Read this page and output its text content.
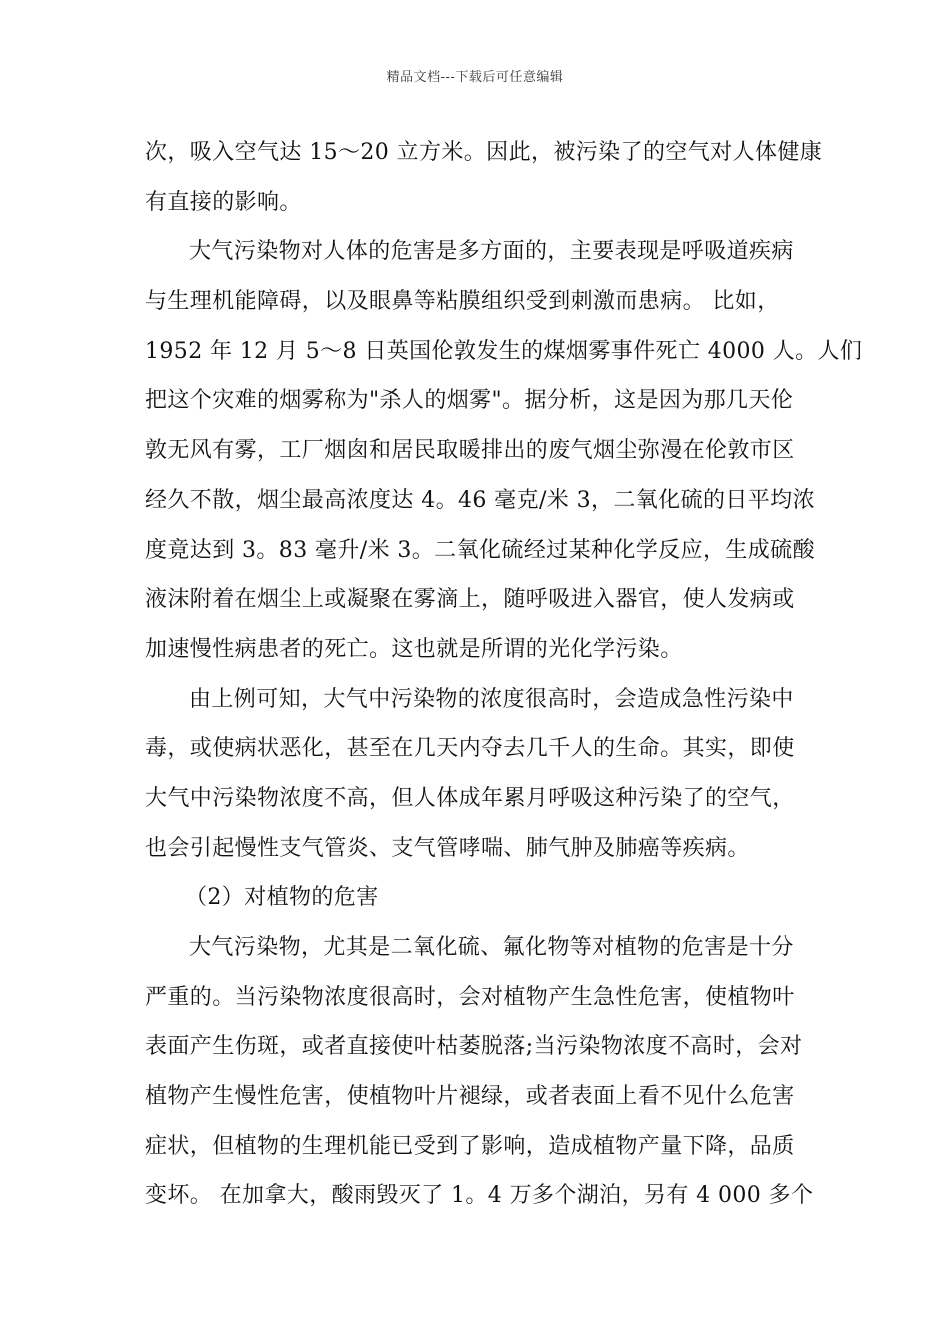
精品文档---下载后可任意编辑
次，吸入空气达 15～20 立方米。因此，被污染了的空气对人体健康
有直接的影响。
大气污染物对人体的危害是多方面的，主要表现是呼吸道疾病
与生理机能障碍，以及眼鼻等粘膜组织受到刺激而患病。 比如，
1952 年 12 月 5～8 日英国伦敦发生的煤烟雾事件死亡 4000 人。人们
把这个灾难的烟雾称为"杀人的烟雾"。据分析，这是因为那几天伦
敦无风有雾，工厂烟囱和居民取暖排出的废气烟尘弥漫在伦敦市区
经久不散，烟尘最高浓度达 4。46 毫克/米 3，二氧化硫的日平均浓
度竟达到 3。83 毫升/米 3。二氧化硫经过某种化学反应，生成硫酸
液沫附着在烟尘上或凝聚在雾滴上，随呼吸进入器官，使人发病或
加速慢性病患者的死亡。这也就是所谓的光化学污染。
由上例可知，大气中污染物的浓度很高时，会造成急性污染中
毒，或使病状恶化，甚至在几天内夺去几千人的生命。其实，即使
大气中污染物浓度不高，但人体成年累月呼吸这种污染了的空气，
也会引起慢性支气管炎、支气管哮喘、肺气肿及肺癌等疾病。
（2）对植物的危害
大气污染物，尤其是二氧化硫、氟化物等对植物的危害是十分
严重的。当污染物浓度很高时，会对植物产生急性危害，使植物叶
表面产生伤斑，或者直接使叶枯萎脱落;当污染物浓度不高时，会对
植物产生慢性危害，使植物叶片褪绿，或者表面上看不见什么危害
症状，但植物的生理机能已受到了影响，造成植物产量下降，品质
变坏。 在加拿大，酸雨毁灭了 1。4 万多个湖泊，另有 4 000 多个
